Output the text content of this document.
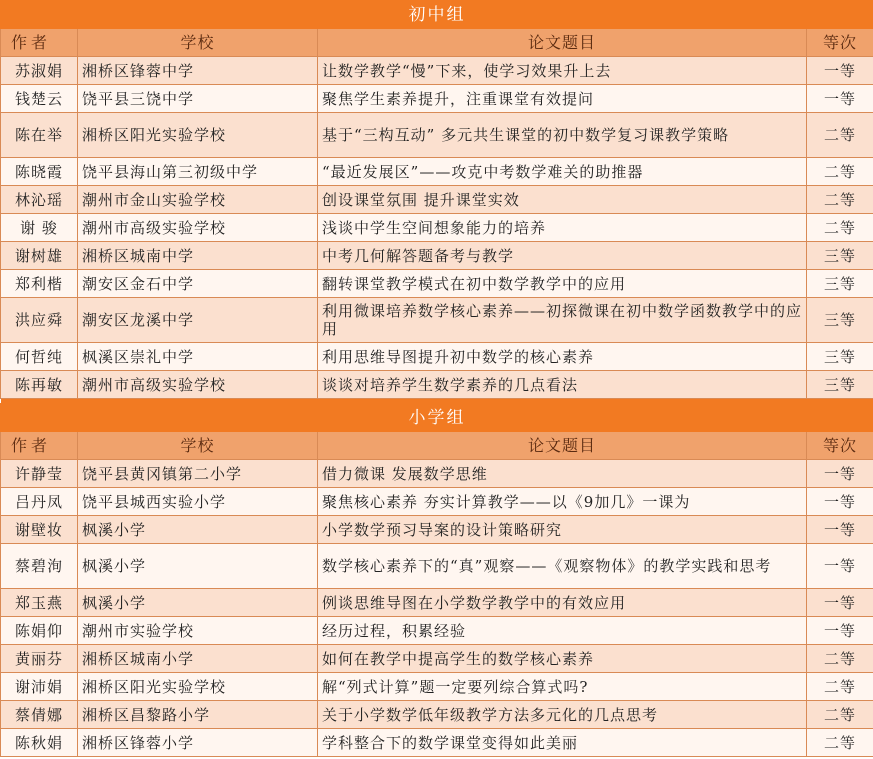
初中组			
作者	学校	论文题目	等次
苏淑娟	湘桥区锋蓉中学	让数学教学“慢”下来，使学习效果升上去	一等
钱楚云	饶平县三饶中学	聚焦学生素养提升，注重课堂有效提问	一等
陈在举	湘桥区阳光实验学校	基于“三构互动” 多元共生课堂的初中数学复习课教学策略	二等
陈晓霞	饶平县海山第三初级中学	“最近发展区”——攻克中考数学难关的助推器	二等
林沁瑶	潮州市金山实验学校	创设课堂氛围 提升课堂实效	二等
谢 骏	潮州市高级实验学校	浅谈中学生空间想象能力的培养	二等
谢树雄	湘桥区城南中学	中考几何解答题备考与教学	三等
郑利楷	潮安区金石中学	翻转课堂教学模式在初中数学教学中的应用	三等
洪应舜	潮安区龙溪中学	利用微课培养数学核心素养——初探微课在初中数学函数教学中的应用	三等
何哲纯	枫溪区崇礼中学	利用思维导图提升初中数学的核心素养	三等
陈再敏	潮州市高级实验学校	谈谈对培养学生数学素养的几点看法	三等

小学组			
作者	学校	论文题目	等次
许静莹	饶平县黄冈镇第二小学	借力微课 发展数学思维	一等
吕丹凤	饶平县城西实验小学	聚焦核心素养 夯实计算教学——以《9加几》一课为	一等
谢壁妆	枫溪小学	小学数学预习导案的设计策略研究	一等
蔡碧洵	枫溪小学	数学核心素养下的“真”观察——《观察物体》的教学实践和思考	一等
郑玉燕	枫溪小学	例谈思维导图在小学数学教学中的有效应用	一等
陈娟仰	潮州市实验学校	经历过程，积累经验	一等
黄丽芬	湘桥区城南小学	如何在教学中提高学生的数学核心素养	二等
谢沛娟	湘桥区阳光实验学校	解“列式计算”题一定要列综合算式吗?	二等
蔡倩娜	湘桥区昌黎路小学	关于小学数学低年级教学方法多元化的几点思考	二等
陈秋娟	湘桥区锋蓉小学	学科整合下的数学课堂变得如此美丽	二等
